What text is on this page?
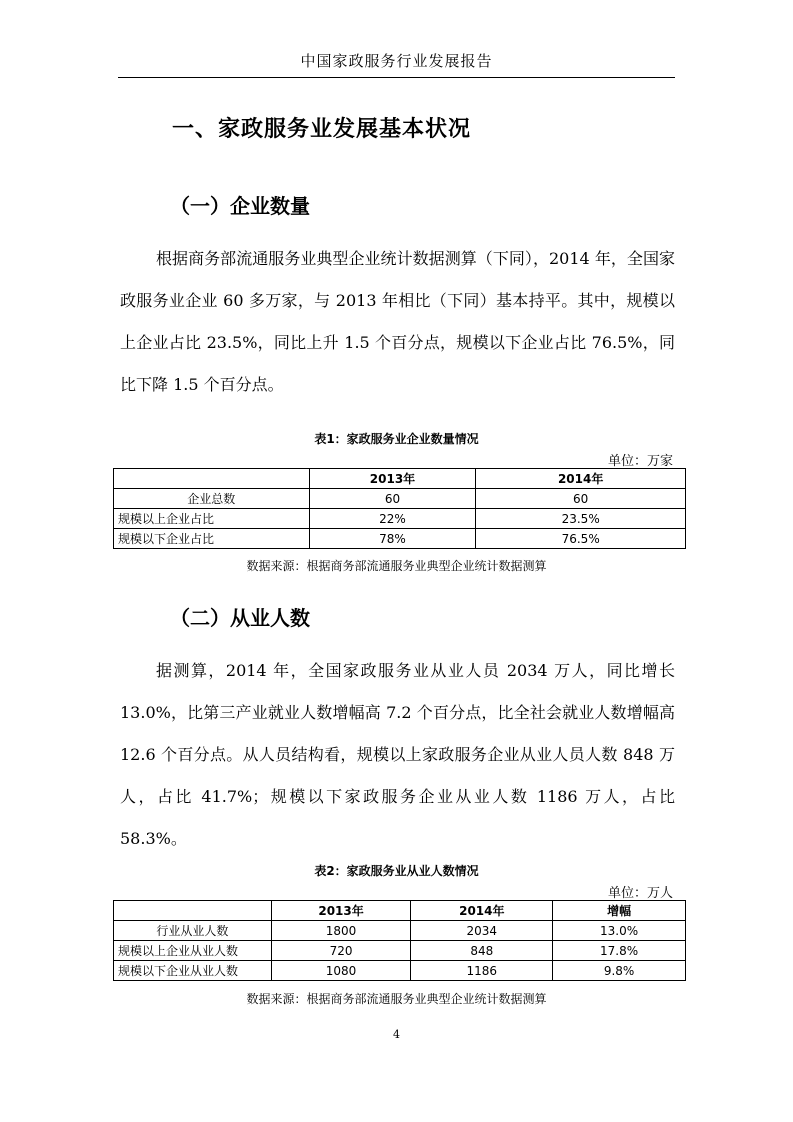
中国家政服务行业发展报告
一、家政服务业发展基本状况
（一）企业数量
根据商务部流通服务业典型企业统计数据测算（下同），2014 年，全国家政服务业企业 60 多万家，与 2013 年相比（下同）基本持平。其中，规模以上企业占比 23.5%，同比上升 1.5 个百分点，规模以下企业占比 76.5%，同比下降 1.5 个百分点。
表1：家政服务业企业数量情况
单位：万家
	2013年	2014年
企业总数	60	60
规模以上企业占比	22%	23.5%
规模以下企业占比	78%	76.5%
数据来源：根据商务部流通服务业典型企业统计数据测算
（二）从业人数
据测算，2014 年，全国家政服务业从业人员 2034 万人，同比增长 13.0%，比第三产业就业人数增幅高 7.2 个百分点，比全社会就业人数增幅高 12.6 个百分点。从人员结构看，规模以上家政服务企业从业人员人数 848 万人，占比 41.7%；规模以下家政服务企业从业人数 1186 万人，占比 58.3%。
表2：家政服务业从业人数情况
单位：万人
	2013年	2014年	增幅
行业从业人数	1800	2034	13.0%
规模以上企业从业人数	720	848	17.8%
规模以下企业从业人数	1080	1186	9.8%
数据来源：根据商务部流通服务业典型企业统计数据测算
4
